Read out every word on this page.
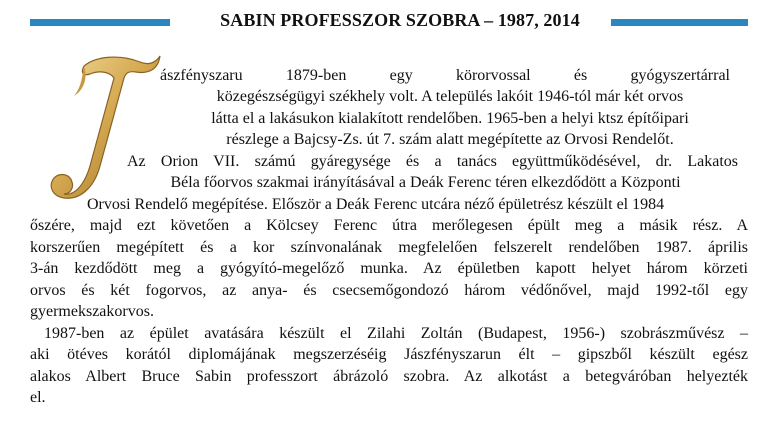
SABIN PROFESSZOR SZOBRA – 1987, 2014
ászfényszaru 1879-ben egy körorvossal és gyógyszertárral
közegészségügyi székhely volt. A település lakóit 1946-tól már két orvos
látta el a lakásukon kialakított rendelőben. 1965-ben a helyi ktsz építőipari
részlege a Bajcsy-Zs. út 7. szám alatt megépítette az Orvosi Rendelőt.
Az Orion VII. számú gyáregysége és a tanács együttműködésével, dr. Lakatos
Béla főorvos szakmai irányításával a Deák Ferenc téren elkezdődött a Központi
Orvosi Rendelő megépítése. Először a Deák Ferenc utcára néző épületrész készült el 1984
őszére, majd ezt követően a Kölcsey Ferenc útra merőlegesen épült meg a másik rész. A
korszerűen megépített és a kor színvonalának megfelelően felszerelt rendelőben 1987. április
3-án kezdődött meg a gyógyító-megelőző munka. Az épületben kapott helyet három körzeti
orvos és két fogorvos, az anya- és csecsemőgondozó három védőnővel, majd 1992-től egy
gyermekszakorvos.
1987-ben az épület avatására készült el Zilahi Zoltán (Budapest, 1956-) szobrászművész –
aki ötéves korától diplomájának megszerzéséig Jászfényszarun élt – gipszből készült egész
alakos Albert Bruce Sabin professzort ábrázoló szobra. Az alkotást a betegváróban helyezték
el.
